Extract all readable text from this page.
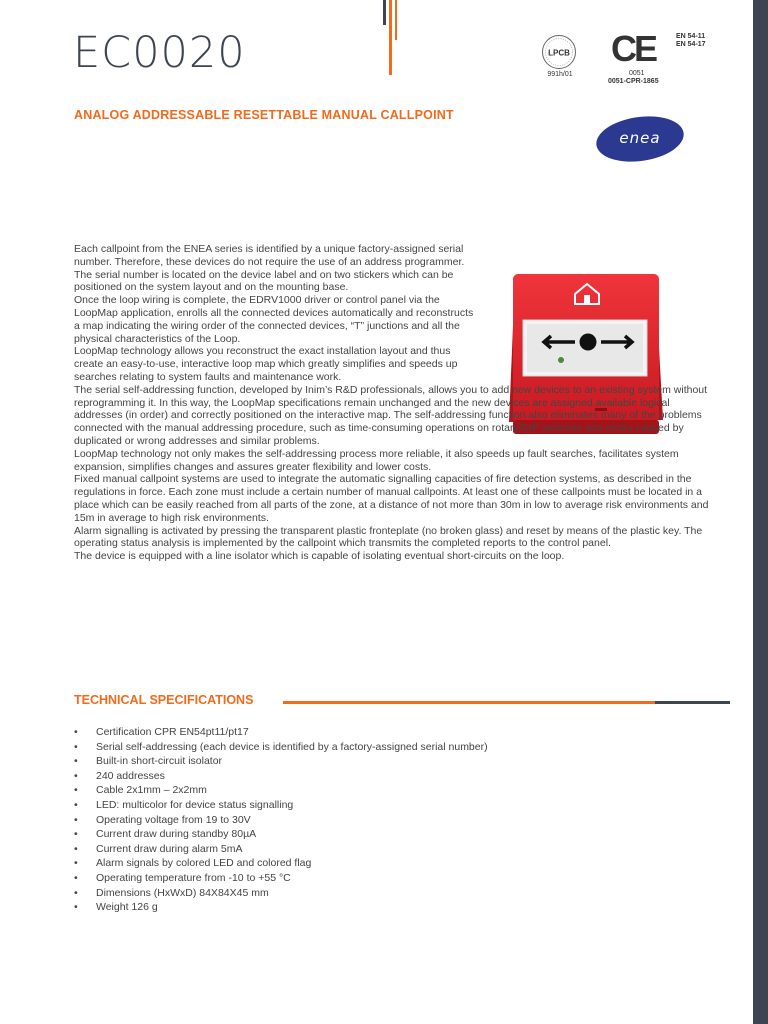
EC0020
ANALOG ADDRESSABLE RESETTABLE MANUAL CALLPOINT
LPCB
991h/01
CE
0051
0051-CPR-1865
EN 54-11
EN 54-17
enea

Each callpoint from the ENEA series is identified by a unique factory-assigned serial number. Therefore, these devices do not require the use of an address programmer. The serial number is located on the device label and on two stickers which can be positioned on the system layout and on the mounting base.

Once the loop wiring is complete, the EDRV1000 driver or control panel via the LoopMap application, enrolls all the connected devices automatically and reconstructs a map indicating the wiring order of the connected devices, “T” junctions and all the physical characteristics of the Loop.

LoopMap technology allows you reconstruct the exact installation layout and thus create an easy-to-use, interactive loop map which greatly simplifies and speeds up searches relating to system faults and maintenance work.

The serial self-addressing function, developed by Inim’s R&D professionals, allows you to add new devices to an existing system without reprogramming it. In this way, the LoopMap specifications remain unchanged and the new devices are assigned available logical addresses (in order) and correctly positioned on the interactive map. The self-addressing function also eliminates many of the problems connected with the manual addressing procedure, such as time-consuming operations on rotary/DIP switches and errors caused by duplicated or wrong addresses and similar problems.

LoopMap technology not only makes the self-addressing process more reliable, it also speeds up fault searches, facilitates system expansion, simplifies changes and assures greater flexibility and lower costs.

Fixed manual callpoint systems are used to integrate the automatic signalling capacities of fire detection systems, as described in the regulations in force. Each zone must include a certain number of manual callpoints. At least one of these callpoints must be located in a place which can be easily reached from all parts of the zone, at a distance of not more than 30m in low to average risk environments and 15m in average to high risk environments.

Alarm signalling is activated by pressing the transparent plastic fronteplate (no broken glass) and reset by means of the plastic key. The operating status analysis is implemented by the callpoint which transmits the completed reports to the control panel.

The device is equipped with a line isolator which is capable of isolating eventual short-circuits on the loop.

TECHNICAL SPECIFICATIONS
• Certification CPR EN54pt11/pt17
• Serial self-addressing (each device is identified by a factory-assigned serial number)
• Built-in short-circuit isolator
• 240 addresses
• Cable 2x1mm – 2x2mm
• LED: multicolor for device status signalling
• Operating voltage from 19 to 30V
• Current draw during standby 80µA
• Current draw during alarm 5mA
• Alarm signals by colored LED and colored flag
• Operating temperature from -10 to +55 °C
• Dimensions (HxWxD) 84X84X45 mm
• Weight 126 g
